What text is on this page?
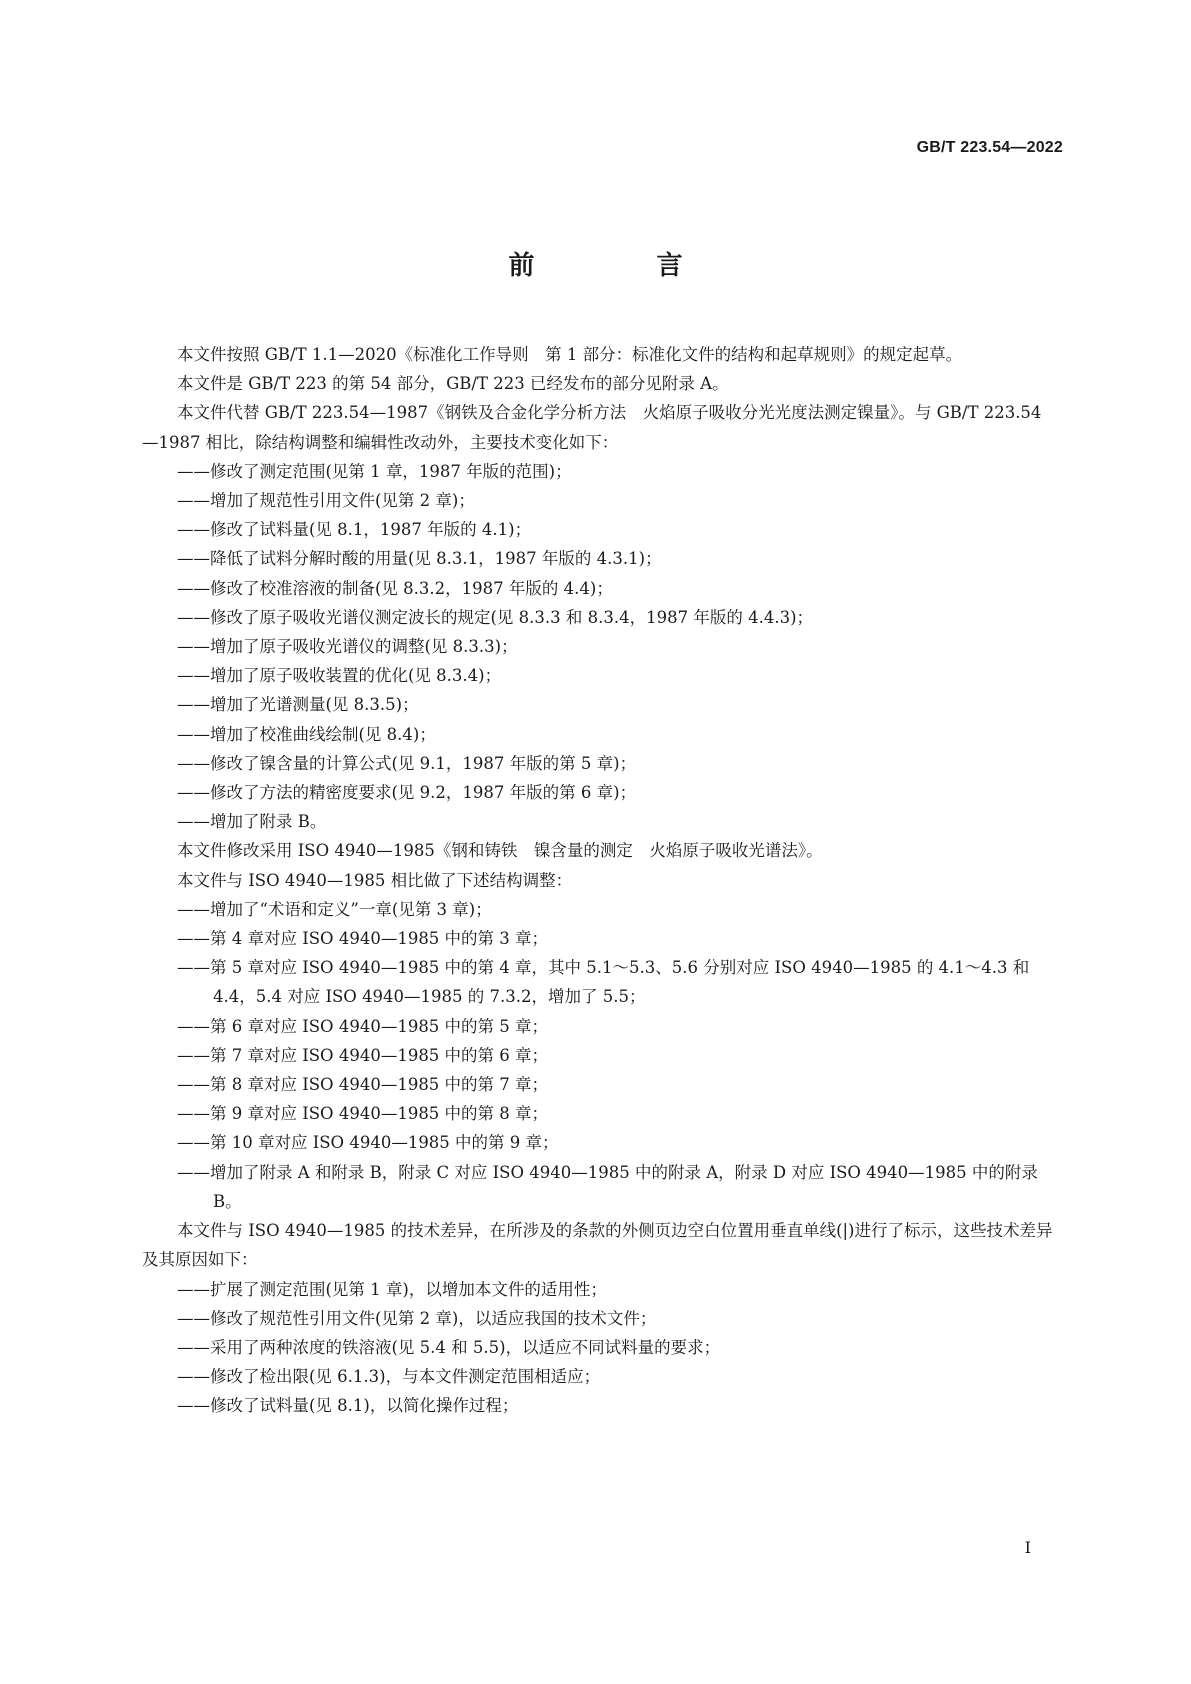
GB/T 223.54—2022
前　言

本文件按照 GB/T 1.1—2020《标准化工作导则　第 1 部分：标准化文件的结构和起草规则》的规定起草。

本文件是 GB/T 223 的第 54 部分，GB/T 223 已经发布的部分见附录 A。

本文件代替 GB/T 223.54—1987《钢铁及合金化学分析方法　火焰原子吸收分光光度法测定镍量》。与 GB/T 223.54—1987 相比，除结构调整和编辑性改动外，主要技术变化如下：

——修改了测定范围(见第 1 章，1987 年版的范围)；

——增加了规范性引用文件(见第 2 章)；

——修改了试料量(见 8.1，1987 年版的 4.1)；

——降低了试料分解时酸的用量(见 8.3.1，1987 年版的 4.3.1)；

——修改了校准溶液的制备(见 8.3.2，1987 年版的 4.4)；

——修改了原子吸收光谱仪测定波长的规定(见 8.3.3 和 8.3.4，1987 年版的 4.4.3)；

——增加了原子吸收光谱仪的调整(见 8.3.3)；

——增加了原子吸收装置的优化(见 8.3.4)；

——增加了光谱测量(见 8.3.5)；

——增加了校准曲线绘制(见 8.4)；

——修改了镍含量的计算公式(见 9.1，1987 年版的第 5 章)；

——修改了方法的精密度要求(见 9.2，1987 年版的第 6 章)；

——增加了附录 B。

本文件修改采用 ISO 4940—1985《钢和铸铁　镍含量的测定　火焰原子吸收光谱法》。

本文件与 ISO 4940—1985 相比做了下述结构调整：

——增加了“术语和定义”一章(见第 3 章)；

——第 4 章对应 ISO 4940—1985 中的第 3 章；

——第 5 章对应 ISO 4940—1985 中的第 4 章，其中 5.1～5.3、5.6 分别对应 ISO 4940—1985 的 4.1～4.3 和 4.4，5.4 对应 ISO 4940—1985 的 7.3.2，增加了 5.5；

——第 6 章对应 ISO 4940—1985 中的第 5 章；

——第 7 章对应 ISO 4940—1985 中的第 6 章；

——第 8 章对应 ISO 4940—1985 中的第 7 章；

——第 9 章对应 ISO 4940—1985 中的第 8 章；

——第 10 章对应 ISO 4940—1985 中的第 9 章；

——增加了附录 A 和附录 B，附录 C 对应 ISO 4940—1985 中的附录 A，附录 D 对应 ISO 4940—1985 中的附录 B。

本文件与 ISO 4940—1985 的技术差异，在所涉及的条款的外侧页边空白位置用垂直单线(|)进行了标示，这些技术差异及其原因如下：

——扩展了测定范围(见第 1 章)，以增加本文件的适用性；

——修改了规范性引用文件(见第 2 章)，以适应我国的技术文件；

——采用了两种浓度的铁溶液(见 5.4 和 5.5)，以适应不同试料量的要求；

——修改了检出限(见 6.1.3)，与本文件测定范围相适应；

——修改了试料量(见 8.1)，以简化操作过程；

I
